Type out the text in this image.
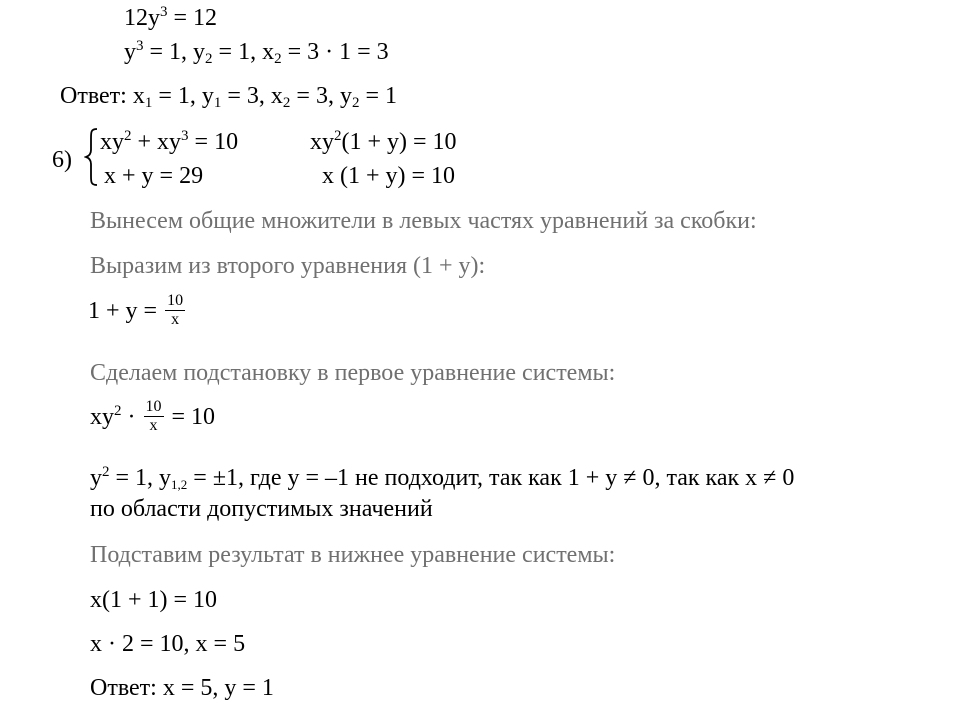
$12y^3 = 12$
$y^3 = 1$, $y_2 = 1$, $x_2 = 3 \cdot 1 = 3$
Ответ: $x_1 = 1$, $y_1 = 3$, $x_2 = 3$, $y_2 = 1$
6)
$xy^2 + xy^3 = 10$
x + y = 29
$xy^2(1 + y) = 10$
x (1 + y) = 10
Вынесем общие множители в левых частях уравнений за скобки:
Выразим из второго уравнения (1 + y):
$1 + y = \frac{10}{x}$
Сделаем подстановку в первое уравнение системы:
$xy^2 \cdot \frac{10}{x} = 10$
$y^2 = 1$, $y_{1,2} = \pm 1$, где y = –1 не подходит, так как 1 + y ≠ 0, так как x ≠ 0
по области допустимых значений
Подставим результат в нижнее уравнение системы:
x(1 + 1) = 10
x · 2 = 10, x = 5
Ответ: x = 5, y = 1
